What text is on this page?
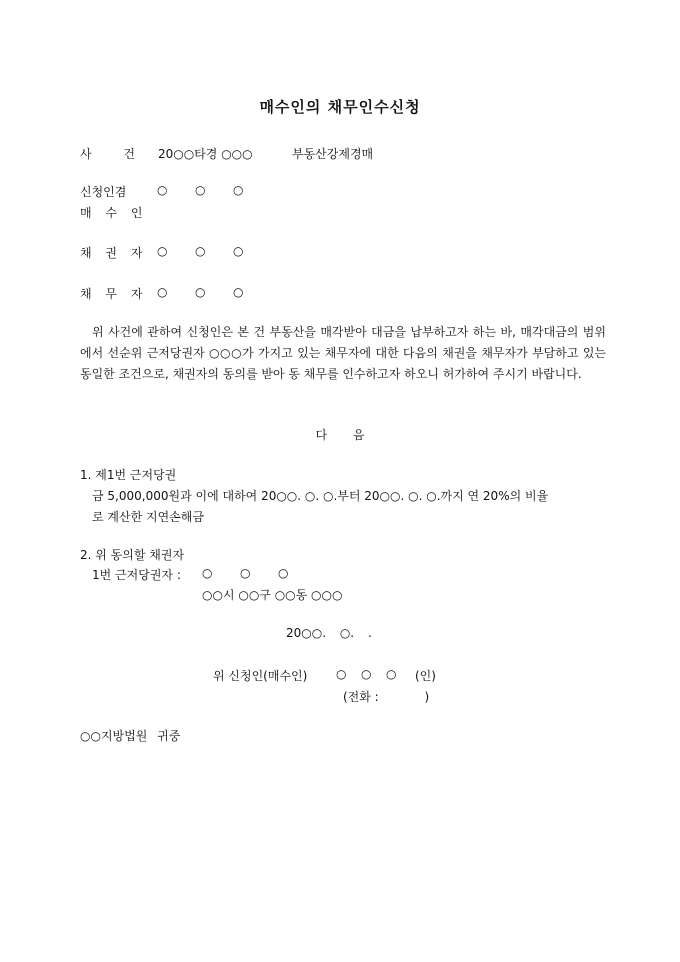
매수인의 채무인수신청
사 건 20○○타경 ○○○	부동산강제경매
신청인겸
매 수 인
○ ○ ○
채 권 자 ○ ○ ○
채 무 자 ○ ○ ○
위 사건에 관하여 신청인은 본 건 부동산을 매각받아 대금을 납부하고자 하는 바, 매각대금의 범위에서 선순위 근저당권자 ○○○가 가지고 있는 채무자에 대한 다음의 채권을 채무자가 부담하고 있는 동일한 조건으로, 채권자의 동의를 받아 동 채무를 인수하고자 하오니 허가하여 주시기 바랍니다.
다 음
1. 제1번 근저당권
금 5,000,000원과 이에 대하여 20○○. ○. ○.부터 20○○. ○. ○.까지 연 20%의 비율
로 계산한 지연손해금
2. 위 동의할 채권자
1번 근저당권자 : ○ ○ ○
○○시 ○○구 ○○동 ○○○
20○○. ○. .
위 신청인(매수인) ○ ○ ○ (인)
(전화 :            )
○○지방법원 귀중
